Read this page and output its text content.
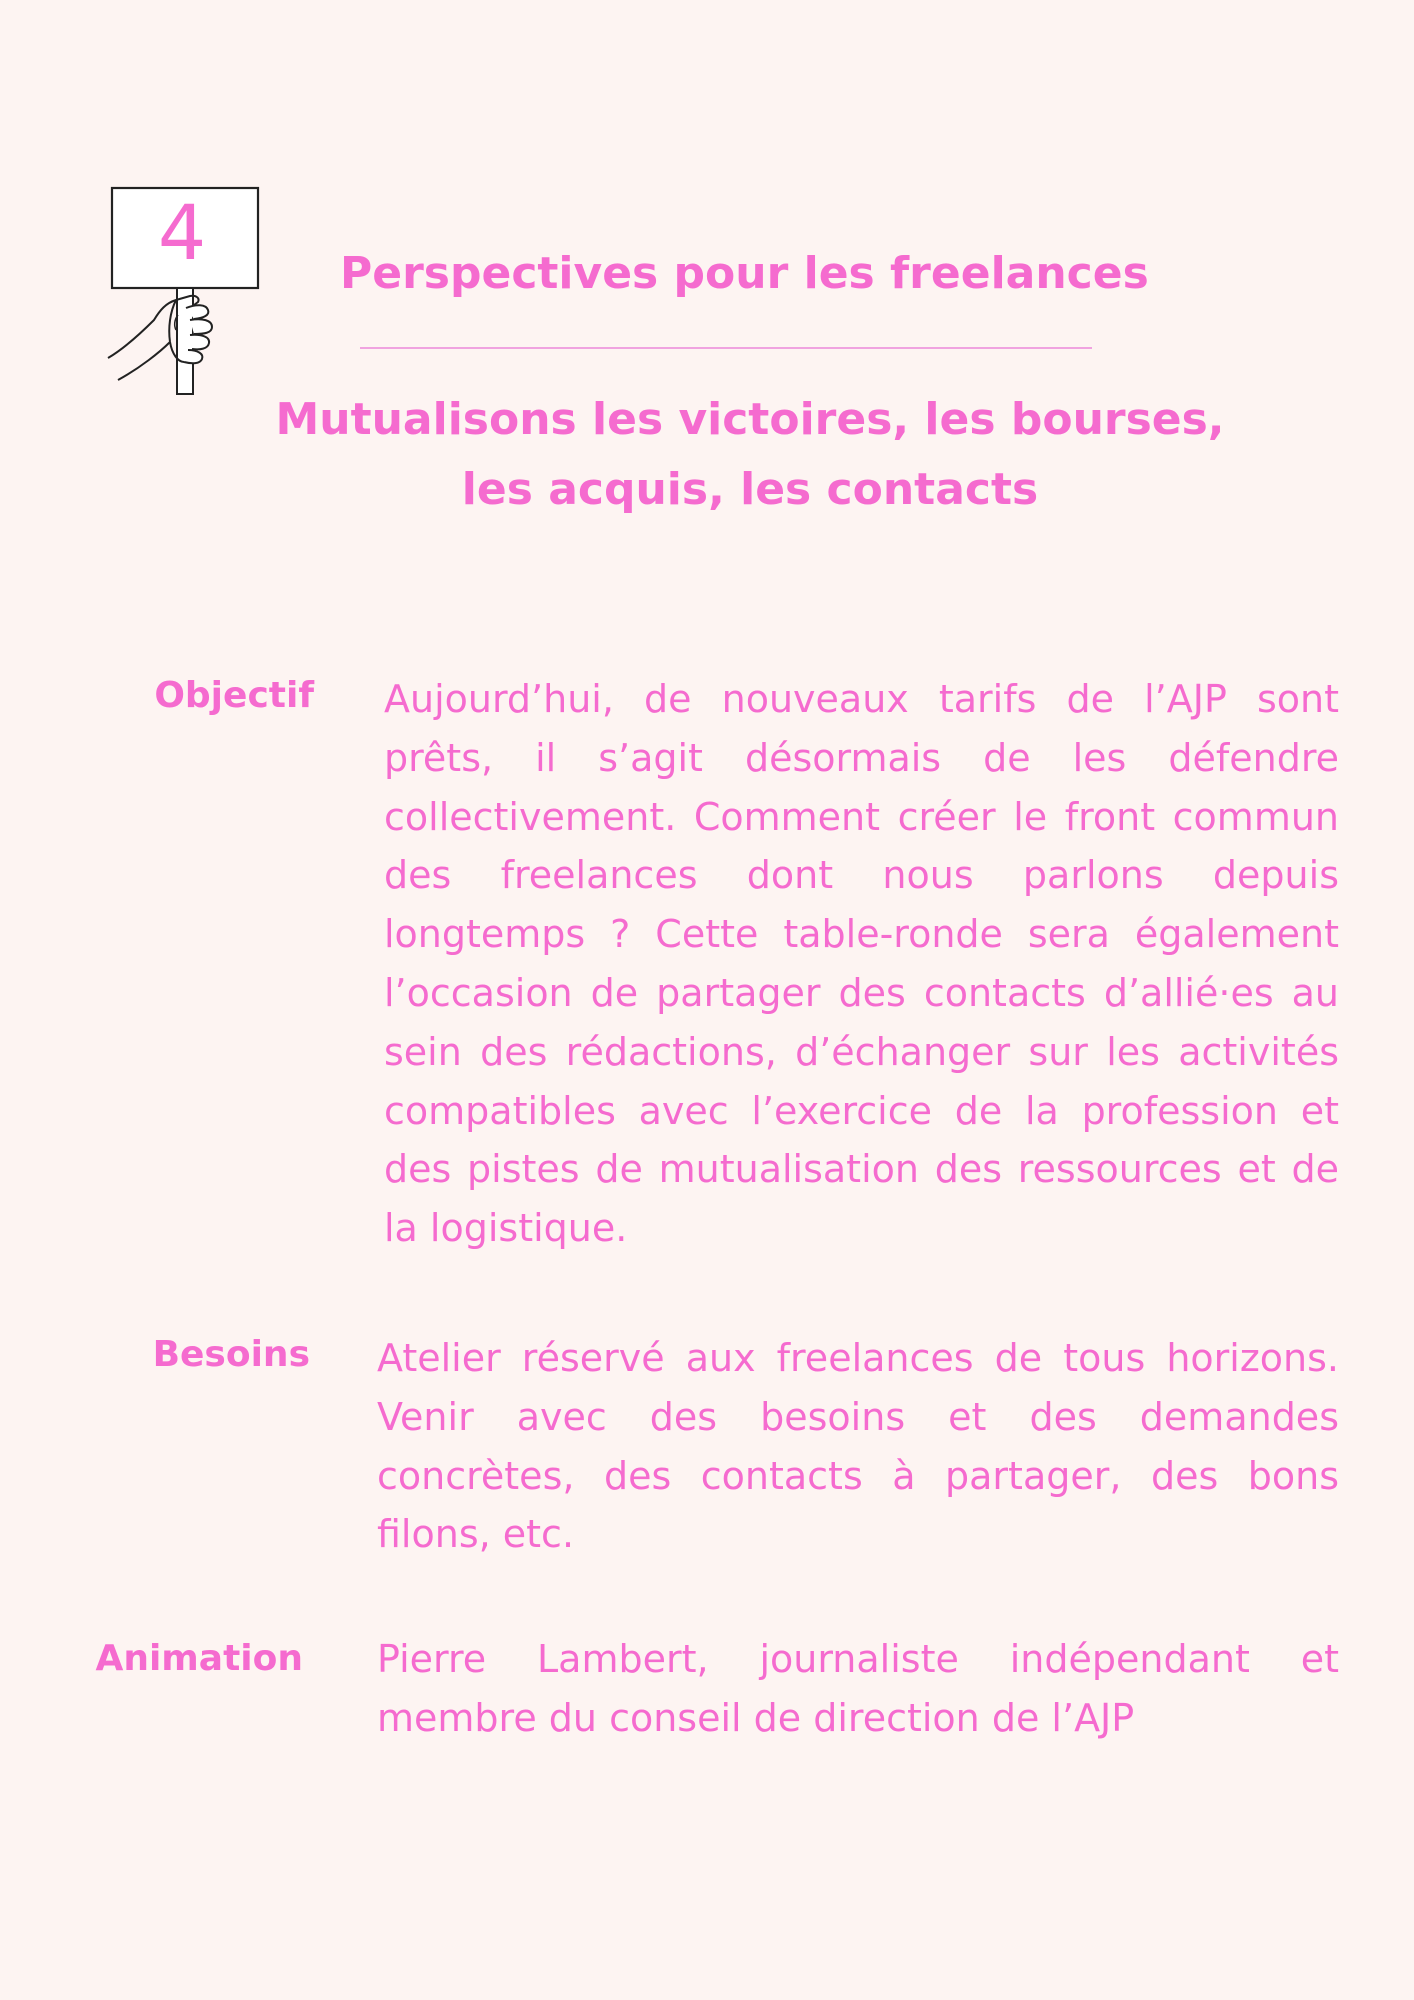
4	Perspectives pour les freelances
Mutualisons les victoires, les bourses,
les acquis, les contacts
Objectif Aujourd’hui, de nouveaux tarifs de l’AJP sont prêts, il s’agit désormais de les défendre collectivement. Comment créer le front commun des freelances dont nous parlons depuis longtemps ? Cette table-ronde sera également l’occasion de partager des contacts d’allié·es au sein des rédactions, d’échanger sur les activités compatibles avec l’exercice de la profession et des pistes de mutualisation des ressources et de la logistique.
Besoins Atelier réservé aux freelances de tous horizons. Venir avec des besoins et des demandes concrètes, des contacts à partager, des bons filons, etc.
Animation Pierre Lambert, journaliste indépendant et membre du conseil de direction de l’AJP
